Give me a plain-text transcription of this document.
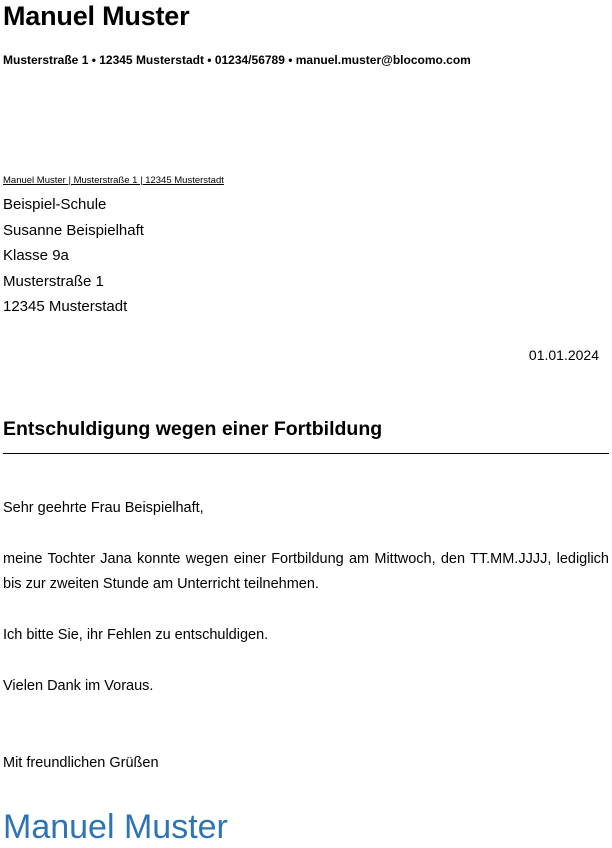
Manuel Muster
Musterstraße 1 • 12345 Musterstadt • 01234/56789 • manuel.muster@blocomo.com
Manuel Muster | Musterstraße 1 | 12345 Musterstadt
Beispiel-Schule
Susanne Beispielhaft
Klasse 9a
Musterstraße 1
12345 Musterstadt
01.01.2024
Entschuldigung wegen einer Fortbildung
Sehr geehrte Frau Beispielhaft,
meine Tochter Jana konnte wegen einer Fortbildung am Mittwoch, den TT.MM.JJJJ, lediglich bis zur zweiten Stunde am Unterricht teilnehmen.
Ich bitte Sie, ihr Fehlen zu entschuldigen.
Vielen Dank im Voraus.
Mit freundlichen Grüßen
Manuel Muster
